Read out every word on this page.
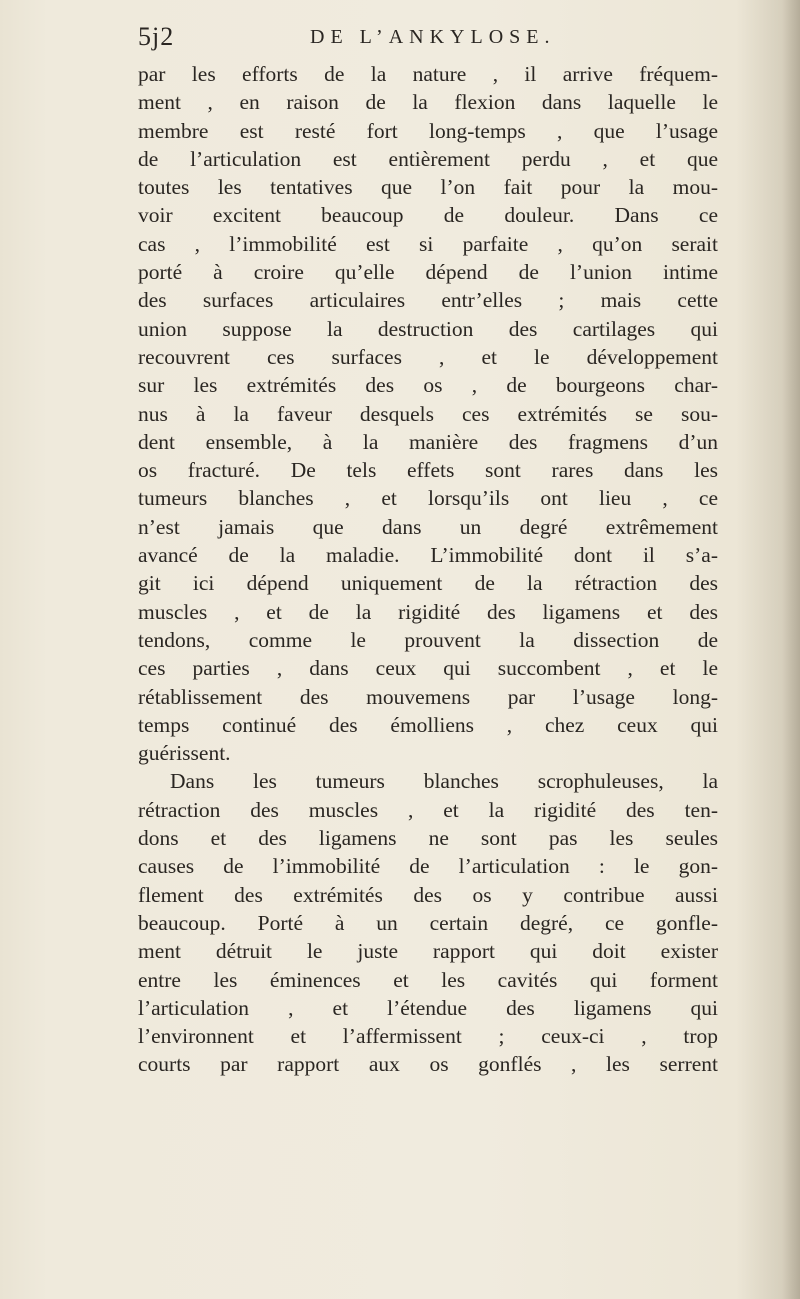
5j2	DE L’ANKYLOSE.
par les efforts de la nature , il arrive fréquem-
ment , en raison de la flexion dans laquelle le
membre est resté fort long-temps , que l’usage
de l’articulation est entièrement perdu , et que
toutes les tentatives que l’on fait pour la mou-
voir excitent beaucoup de douleur. Dans ce
cas , l’immobilité est si parfaite , qu’on serait
porté à croire qu’elle dépend de l’union intime
des surfaces articulaires entr’elles ; mais cette
union suppose la destruction des cartilages qui
recouvrent ces surfaces , et le développement
sur les extrémités des os , de bourgeons char-
nus à la faveur desquels ces extrémités se sou-
dent ensemble, à la manière des fragmens d’un
os fracturé. De tels effets sont rares dans les
tumeurs blanches , et lorsqu’ils ont lieu , ce
n’est jamais que dans un degré extrêmement
avancé de la maladie. L’immobilité dont il s’a-
git ici dépend uniquement de la rétraction des
muscles , et de la rigidité des ligamens et des
tendons, comme le prouvent la dissection de
ces parties , dans ceux qui succombent , et le
rétablissement des mouvemens par l’usage long-
temps continué des émolliens , chez ceux qui
guérissent.
Dans les tumeurs blanches scrophuleuses, la
rétraction des muscles , et la rigidité des ten-
dons et des ligamens ne sont pas les seules
causes de l’immobilité de l’articulation : le gon-
flement des extrémités des os y contribue aussi
beaucoup. Porté à un certain degré, ce gonfle-
ment détruit le juste rapport qui doit exister
entre les éminences et les cavités qui forment
l’articulation , et l’étendue des ligamens qui
l’environnent et l’affermissent ; ceux-ci , trop
courts par rapport aux os gonflés , les serrent
